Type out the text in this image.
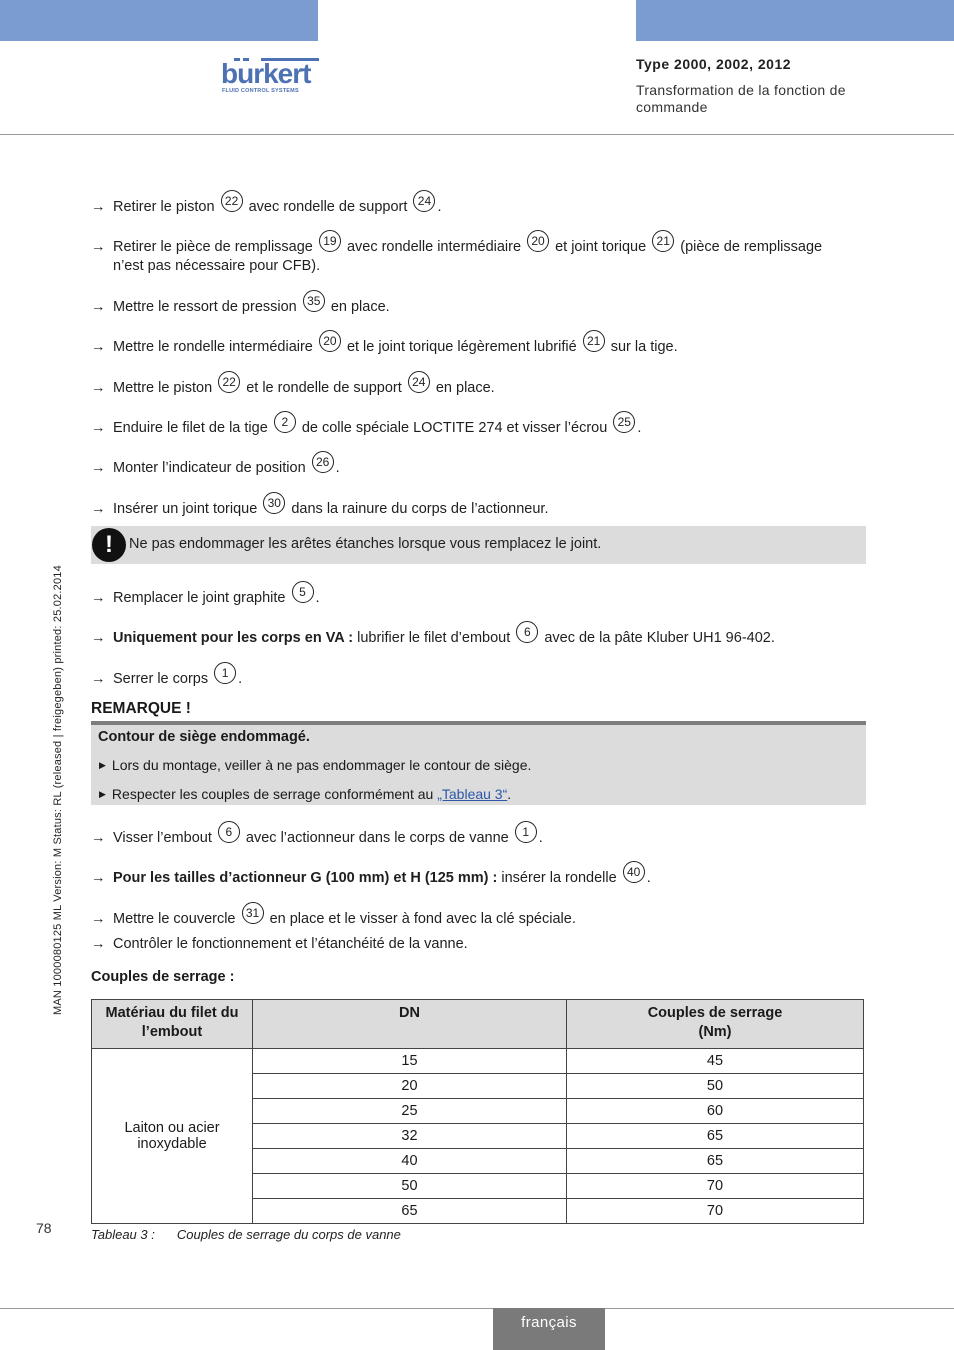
burkert
FLUID CONTROL SYSTEMS
Type 2000, 2002, 2012
Transformation de la fonction de commande
→ Retirer le piston 22 avec rondelle de support 24 .
→ Retirer le pièce de remplissage 19 avec rondelle intermédiaire 20 et joint torique 21 (pièce de remplissage
n’est pas nécessaire pour CFB).
→ Mettre le ressort de pression 35 en place.
→ Mettre le rondelle intermédiaire 20 et le joint torique légèrement lubrifié 21 sur la tige.
→ Mettre le piston 22 et le rondelle de support 24 en place.
→ Enduire le filet de la tige 2 de colle spéciale LOCTITE 274 et visser l’écrou 25 .
→ Monter l’indicateur de position 26 .
→ Insérer un joint torique 30 dans la rainure du corps de l’actionneur.
!	Ne pas endommager les arêtes étanches lorsque vous remplacez le joint.
→ Remplacer le joint graphite 5 .
→ Uniquement pour les corps en VA : lubrifier le filet d’embout 6 avec de la pâte Kluber UH1 96-402.
→ Serrer le corps 1 .
REMARQUE !
Contour de siège endommagé.
▶ Lors du montage, veiller à ne pas endommager le contour de siège.
▶ Respecter les couples de serrage conformément au „Tableau 3“.
→ Visser l’embout 6 avec l’actionneur dans le corps de vanne 1 .
→ Pour les tailles d’actionneur G (100 mm) et H (125 mm) : insérer la rondelle 40 .
→ Mettre le couvercle 31 en place et le visser à fond avec la clé spéciale.
→ Contrôler le fonctionnement et l’étanchéité de la vanne.
Couples de serrage :
Matériau du filet du l’embout	DN	Couples de serrage (Nm)
Laiton ou acier
inoxydable	15	45
	20	50
	25	60
	32	65
	40	65
	50	70
	65	70
Tableau 3 : Couples de serrage du corps de vanne
78
MAN 1000080125 ML Version: M Status: RL (released | freigegeben) printed: 25.02.2014
français
